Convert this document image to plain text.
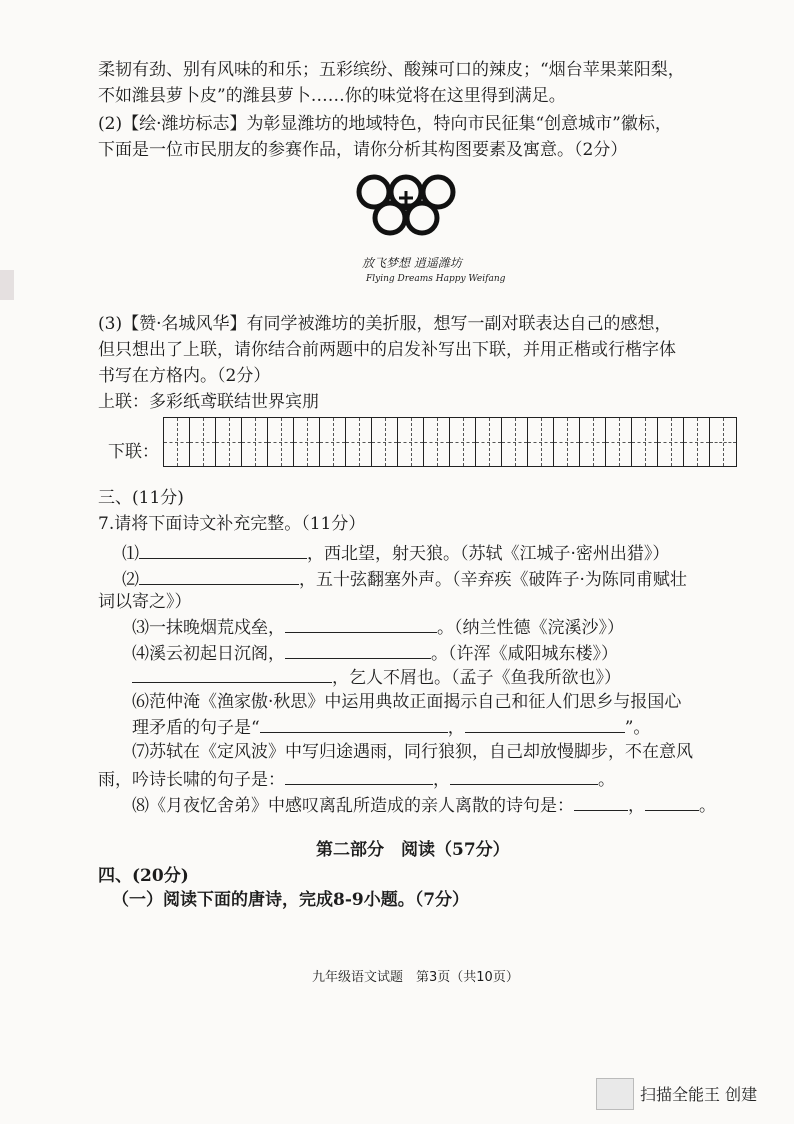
柔韧有劲、别有风味的和乐；五彩缤纷、酸辣可口的辣皮；“烟台苹果莱阳梨，
不如潍县萝卜皮”的潍县萝卜……你的味觉将在这里得到满足。
(2)【绘·潍坊标志】为彰显潍坊的地域特色，特向市民征集“创意城市”徽标，
下面是一位市民朋友的参赛作品，请你分析其构图要素及寓意。（2分）
放飞梦想 逍遥潍坊
Flying Dreams Happy Weifang
(3)【赞·名城风华】有同学被潍坊的美折服，想写一副对联表达自己的感想，
但只想出了上联，请你结合前两题中的启发补写出下联，并用正楷或行楷字体
书写在方格内。（2分）
上联：多彩纸鸢联结世界宾朋
下联：
三、(11分)
7.请将下面诗文补充完整。（11分）
⑴	，西北望，射天狼。（苏轼《江城子·密州出猎》）
⑵	，五十弦翻塞外声。（辛弃疾《破阵子·为陈同甫赋壮
词以寄之》）
⑶一抹晚烟荒戍垒，	。（纳兰性德《浣溪沙》）
⑷溪云初起日沉阁，	。（许浑《咸阳城东楼》）
，乞人不屑也。（孟子《鱼我所欲也》）
⑹范仲淹《渔家傲·秋思》中运用典故正面揭示自己和征人们思乡与报国心
理矛盾的句子是“	，	”。
⑺苏轼在《定风波》中写归途遇雨，同行狼狈，自己却放慢脚步，不在意风
雨，吟诗长啸的句子是：	，	。
⑻《月夜忆舍弟》中感叹离乱所造成的亲人离散的诗句是：	，	。
第二部分　阅读（57分）
四、(20分)
（一）阅读下面的唐诗，完成8-9小题。（7分）
九年级语文试题　第3页（共10页）
扫描全能王 创建
